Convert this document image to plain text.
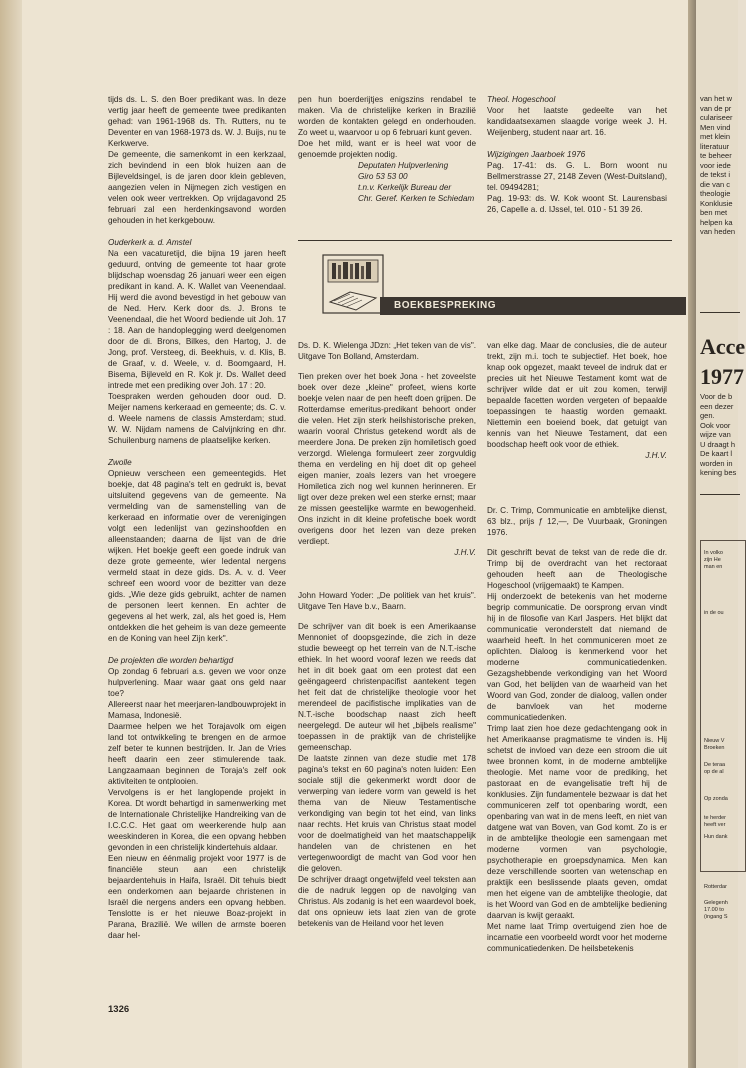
tijds ds. L. S. den Boer predikant was. In deze vertig jaar heeft de gemeente twee predikanten gehad: van 1961-1968 ds. Th. Rutters, nu te Deventer en van 1968-1973 ds. W. J. Buijs, nu te Kerkwerve.

De gemeente, die samenkomt in een kerkzaal, zich bevindend in een blok huizen aan de Bijleveldsingel, is de jaren door klein gebleven, aangezien velen in Nijmegen zich vestigen en velen ook weer vertrekken. Op vrijdagavond 25 februari zal een herdenkingsavond worden gehouden in het kerkgebouw.

Ouderkerk a. d. Amstel

Na een vacaturetijd, die bijna 19 jaren heeft geduurd, ontving de gemeente tot haar grote blijdschap woensdag 26 januari weer een eigen predikant in kand. A. K. Wallet van Veenendaal. Hij werd die avond bevestigd in het gebouw van de Ned. Herv. Kerk door ds. J. Brons te Veenendaal, die het Woord bediende uit Joh. 17 : 18. Aan de handoplegging werd deelgenomen door de di. Brons, Bilkes, den Hartog, J. de Jong, prof. Versteeg, di. Beekhuis, v. d. Klis, B. de Graaf, v. d. Weele, v. d. Boomgaard, H. Bisema, Bijleveld en R. Kok jr. Ds. Wallet deed intrede met een prediking over Joh. 17 : 20.

Toespraken werden gehouden door oud. D. Meijer namens kerkeraad en gemeente; ds. C. v. d. Weele namens de classis Amsterdam; stud. W. W. Nijdam namens de Calvijnkring en dhr. Schuilenburg namens de plaatselijke kerken.

Zwolle

Opnieuw verscheen een gemeentegids. Het boekje, dat 48 pagina's telt en gedrukt is, bevat uitsluitend gegevens van de gemeente. Na vermelding van de samenstelling van de kerkeraad en informatie over de verenigingen volgt een ledenlijst van gezinshoofden en alleenstaanden; daarna de lijst van de drie wijken. Het boekje geeft een goede indruk van deze grote gemeente, wier ledental nergens vermeld staat in deze gids. Ds. A. v. d. Veer schreef een woord voor de bezitter van deze gids. „Wie deze gids gebruikt, achter de namen de personen leert kennen. En achter de gegevens al het werk, zal, als het goed is, Hem ontdekken die het geheim is van deze gemeente en de Koning van heel Zijn kerk".

De projekten die worden behartigd

Op zondag 6 februari a.s. geven we voor onze hulpverlening. Maar waar gaat ons geld naar toe?

Allereerst naar het meerjaren-landbouwprojekt in Mamasa, Indonesië.

Daarmee helpen we het Torajavolk om eigen land tot ontwikkeling te brengen en de armoe zelf beter te kunnen bestrijden. Ir. Jan de Vries heeft daarin een zeer stimulerende taak. Langzaamaan beginnen de Toraja's zelf ook aktiviteiten te ontplooien.

Vervolgens is er het langlopende projekt in Korea. Dt wordt behartigd in samenwerking met de Internationale Christelijke Handreiking van de I.C.C.C. Het gaat om weerkerende hulp aan weeskinderen in Korea, die een opvang hebben gevonden in een christelijk kindertehuis aldaar.

Een nieuw en éénmalig projekt voor 1977 is de financiële steun aan een christelijk bejaardentehuis in Haifa, Israël. Dit tehuis biedt een onderkomen aan bejaarde christenen in Israël die nergens anders een opvang hebben. Tenslotte is er het nieuwe Boaz-projekt in Parana, Brazilië. We willen de armste boeren daar hel-

pen hun boerderijtjes enigszins rendabel te maken. Via de christelijke kerken in Brazilië worden de kontakten gelegd en onderhouden. Zo weet u, waarvoor u op 6 februari kunt geven.

Doe het mild, want er is heel wat voor de genoemde projekten nodig.

Deputaten Hulpverlening

Giro 53 53 00

t.n.v. Kerkelijk Bureau der

Chr. Geref. Kerken te Schiedam

Theol. Hogeschool

Voor het laatste gedeelte van het kandidaatsexamen slaagde vorige week J. H. Weijenberg, student naar art. 16.

Wijzigingen Jaarboek 1976

Pag. 17-41: ds. G. L. Born woont nu Bellmerstrasse 27, 2148 Zeven (West-Duitsland), tel. 09494281;

Pag. 19-93: ds. W. Kok woont St. Laurensbasi 26, Capelle a. d. IJssel, tel. 010 - 51 39 26.

BOEKBESPREKING

Ds. D. K. Wielenga JDzn: „Het teken van de vis". Uitgave Ton Bolland, Amsterdam.

Tien preken over het boek Jona - het zoveelste boek over deze „kleine" profeet, wiens korte boekje velen naar de pen heeft doen grijpen. De Rotterdamse emeritus-predikant behoort onder die velen. Het zijn sterk heilshistorische preken, waarin vooral Christus getekend wordt als de meerdere Jona. De preken zijn homiletisch goed verzorgd. Wielenga formuleert zeer zorgvuldig thema en verdeling en hij doet dit op geheel eigen manier, zoals lezers van het vroegere Homiletica zich nog wel kunnen herinneren. Er ligt over deze preken wel een sterke ernst; maar ze missen geestelijke warmte en bewogenheid. Ons inzicht in dit kleine profetische boek wordt overigens door het lezen van deze preken verdiept.

J.H.V.

John Howard Yoder: „De politiek van het kruis". Uitgave Ten Have b.v., Baarn.

De schrijver van dit boek is een Amerikaanse Mennoniet of doopsgezinde, die zich in deze studie beweegt op het terrein van de N.T.-ische ethiek. In het woord vooraf lezen we reeds dat het in dit boek gaat om een protest dat een geëngageerd christenpacifist aantekent tegen het feit dat de christelijke theologie voor het merendeel de pacifistische implikaties van de N.T.-ische boodschap naast zich heeft neergelegd. De auteur wil het „bijbels realisme" toepassen in de praktijk van de christelijke gemeenschap.

De laatste zinnen van deze studie met 178 pagina's tekst en 60 pagina's noten luiden: Een sociale stijl die gekenmerkt wordt door de verwerping van iedere vorm van geweld is het thema van de Nieuw Testamentische verkondiging van begin tot het eind, van links naar rechts. Het kruis van Christus staat model voor de doelmatigheid van het maatschappelijk handelen van de christenen en het vertegenwoordigt de macht van God voor hen die geloven.

De schrijver draagt ongetwijfeld veel teksten aan die de nadruk leggen op de navolging van Christus. Als zodanig is het een waardevol boek, dat ons opnieuw iets laat zien van de grote betekenis van de Heiland voor het leven

van elke dag. Maar de conclusies, die de auteur trekt, zijn m.i. toch te subjectief. Het boek, hoe knap ook opgezet, maakt teveel de indruk dat er precies uit het Nieuwe Testament komt wat de schrijver wilde dat er uit zou komen, terwijl bepaalde facetten worden vergeten of bepaalde toepassingen te haastig worden gemaakt. Niettemin een boeiend boek, dat getuigt van kennis van het Nieuwe Testament, dat een boodschap heeft ook voor de ethiek.

J.H.V.

Dr. C. Trimp, Communicatie en ambtelijke dienst, 63 blz., prijs ƒ 12,—, De Vuurbaak, Groningen 1976.

Dit geschrift bevat de tekst van de rede die dr. Trimp bij de overdracht van het rectoraat gehouden heeft aan de Theologische Hogeschool (vrijgemaakt) te Kampen.

Hij onderzoekt de betekenis van het moderne begrip communicatie. De oorsprong ervan vindt hij in de filosofie van Karl Jaspers. Het blijkt dat communicatie veronderstelt dat niemand de waarheid heeft. In het communiceren moet ze oplichten. Dialoog is kenmerkend voor het moderne communicatiedenken. Gezagshebbende verkondiging van het Woord van God, het belijden van de waarheid van het Woord van God, zonder de dialoog, vallen onder de banvloek van het moderne communicatiedenken.

Trimp laat zien hoe deze gedachtengang ook in het Amerikaanse pragmatisme te vinden is. Hij schetst de invloed van deze een stroom die uit twee bronnen komt, in de moderne ambtelijke theologie. Met name voor de prediking, het pastoraat en de evangelisatie treft hij de konklusies. Zijn fundamentele bezwaar is dat het communiceren zelf tot openbaring wordt, een openbaring van wat in de mens leeft, en niet van datgene wat van Boven, van God komt. Zo is er in de ambtelijke theologie een samengaan met moderne vormen van psychologie, psychotherapie en groepsdynamica. Men kan deze verschillende soorten van wetenschap en praktijk een beslissende plaats geven, omdat men het eigene van de ambtelijke theologie, dat is het Woord van God en de ambtelijke bediening daarvan is kwijt geraakt.

Met name laat Trimp overtuigend zien hoe de incarnatie een voorbeeld wordt voor het moderne communicatiedenken. De heilsbetekenis

1326
van het w
van de pr
culariseer
Men vind
met klein
literatuur
te beheer
voor iede
de tekst i
die van c
theologie
Konklusie
ben met
helpen ka
van heden
Acce
1977
Voor de b
een dezer
gen.
Ook voor
wijze van
U draagt h
De kaart l
worden in
kening bes
In volko
zijn He
man en
in de ou
Nieuw V
Broeken
De teraa
op de al
Op zonda
te herder
heeft ver
Hun dank
Rotterdar
Gelegenh
17.00 to
(ingang S
